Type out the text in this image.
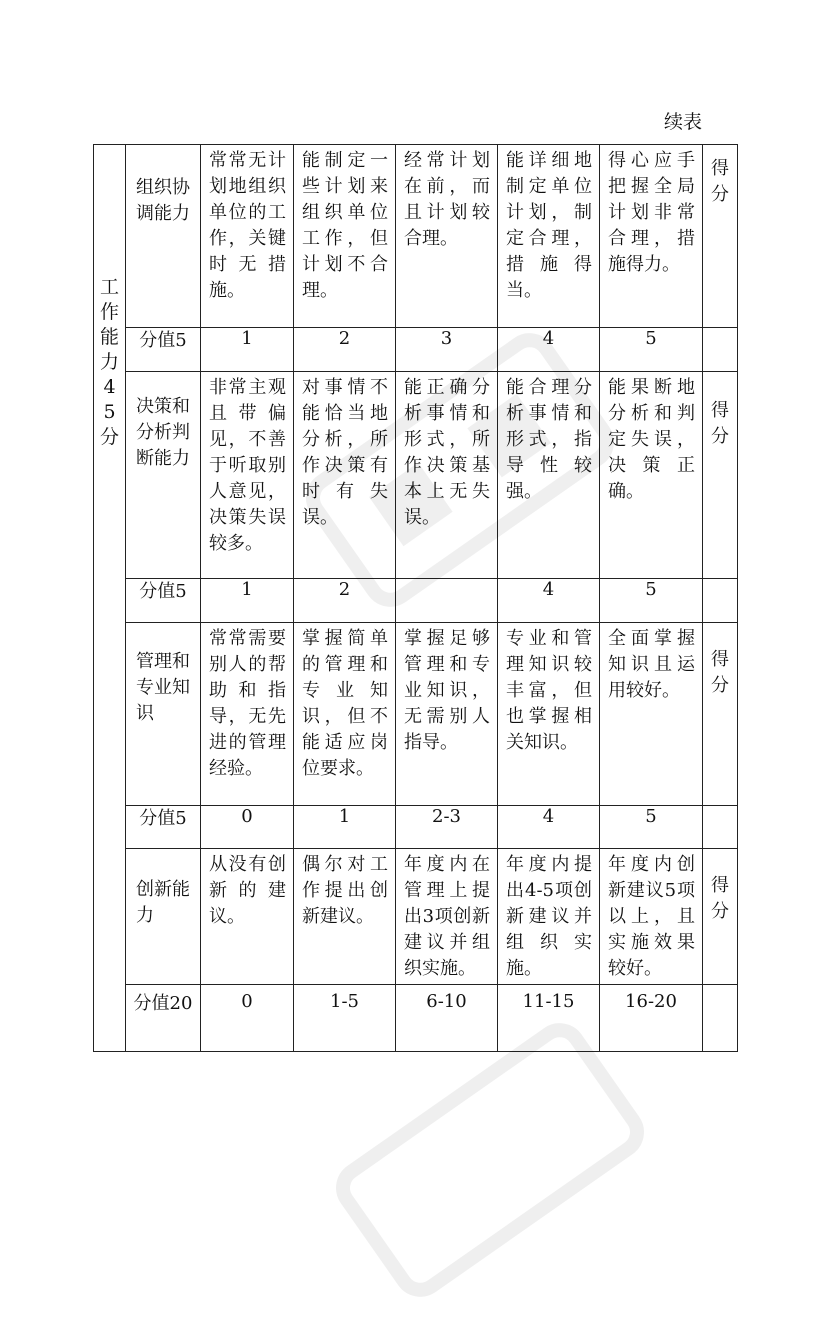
续表
工作能力45分	组织协调能力	常常无计划地组织单位的工作，关键时无措施。	能制定一些计划来组织单位工作，但计划不合理。	经常计划在前，而且计划较合理。	能详细地制定单位计划，制定合理，措施得当。	得心应手把握全局计划非常合理，措施得力。	得分

	分值5	1	2	3	4	5	

	决策和分析判断能力	非常主观且带偏见，不善于听取别人意见，决策失误较多。	对事情不能恰当地分析，所作决策有时有失误。	能正确分析事情和形式，所作决策基本上无失误。	能合理分析事情和形式，指导性较强。	能果断地分析和判定失误，决策正确。	得分

	分值5	1	2		4	5	

	管理和专业知识	常常需要别人的帮助和指导，无先进的管理经验。	掌握简单的管理和专业知识，但不能适应岗位要求。	掌握足够管理和专业知识，无需别人指导。	专业和管理知识较丰富，但也掌握相关知识。	全面掌握知识且运用较好。	得分

	分值5	0	1	2-3	4	5	

	创新能力	从没有创新的建议。	偶尔对工作提出创新建议。	年度内在管理上提出3项创新建议并组织实施。	年度内提出4-5项创新建议并组织实施。	年度内创新建议5项以上，且实施效果较好。	得分

	分值20	0	1-5	6-10	11-15	16-20	
